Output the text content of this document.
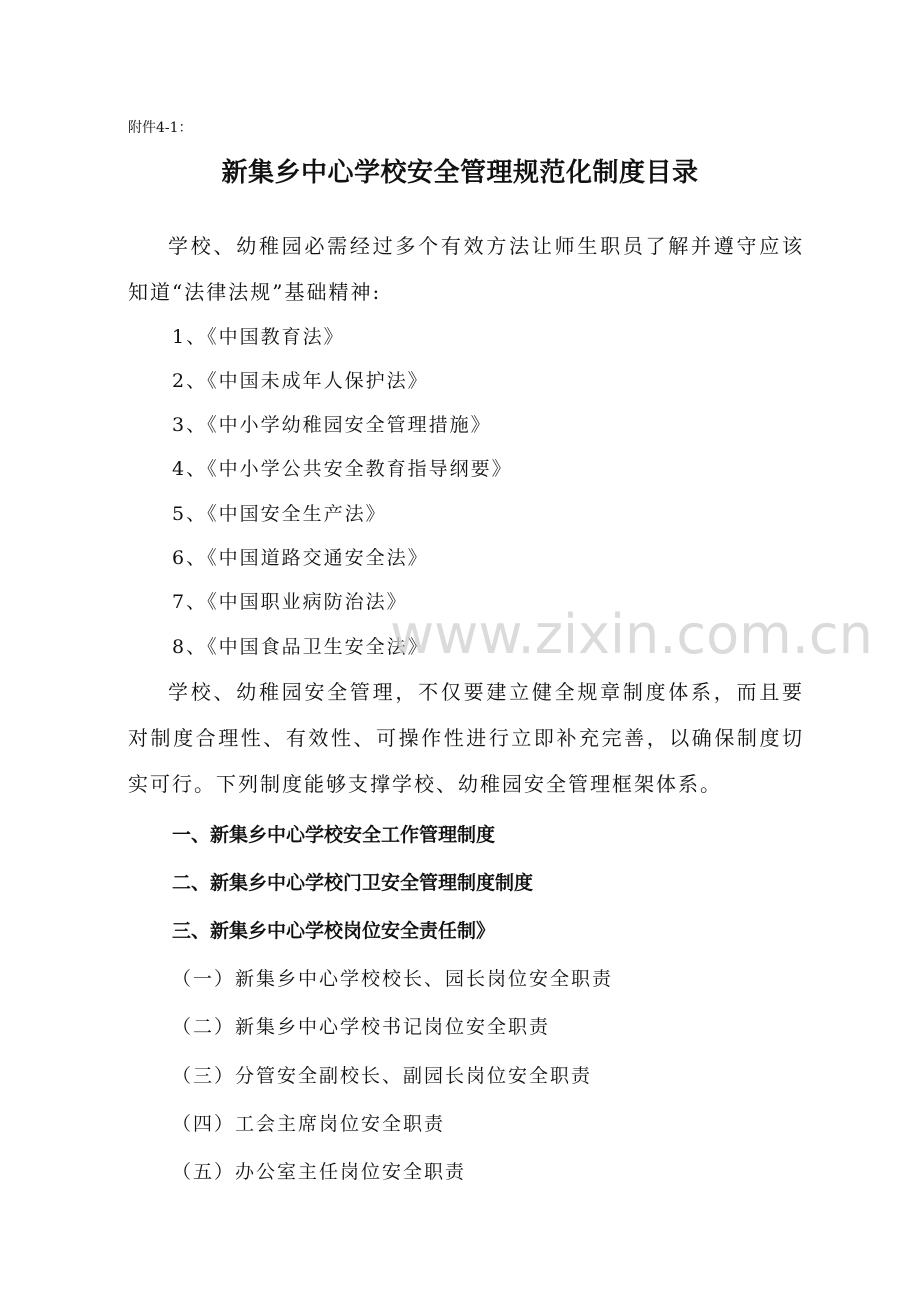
附件4-1：
新集乡中心学校安全管理规范化制度目录

学校、幼稚园必需经过多个有效方法让师生职员了解并遵守应该知道“法律法规”基础精神:

1、《中国教育法》
2、《中国未成年人保护法》
3、《中小学幼稚园安全管理措施》
4、《中小学公共安全教育指导纲要》
5、《中国安全生产法》
6、《中国道路交通安全法》
7、《中国职业病防治法》
8、《中国食品卫生安全法》
www.zixin.com.cn

学校、幼稚园安全管理，不仅要建立健全规章制度体系，而且要对制度合理性、有效性、可操作性进行立即补充完善，以确保制度切实可行。下列制度能够支撑学校、幼稚园安全管理框架体系。

一、新集乡中心学校安全工作管理制度
二、新集乡中心学校门卫安全管理制度制度
三、新集乡中心学校岗位安全责任制》
（一）新集乡中心学校校长、园长岗位安全职责
（二）新集乡中心学校书记岗位安全职责
（三）分管安全副校长、副园长岗位安全职责
（四）工会主席岗位安全职责
（五）办公室主任岗位安全职责
